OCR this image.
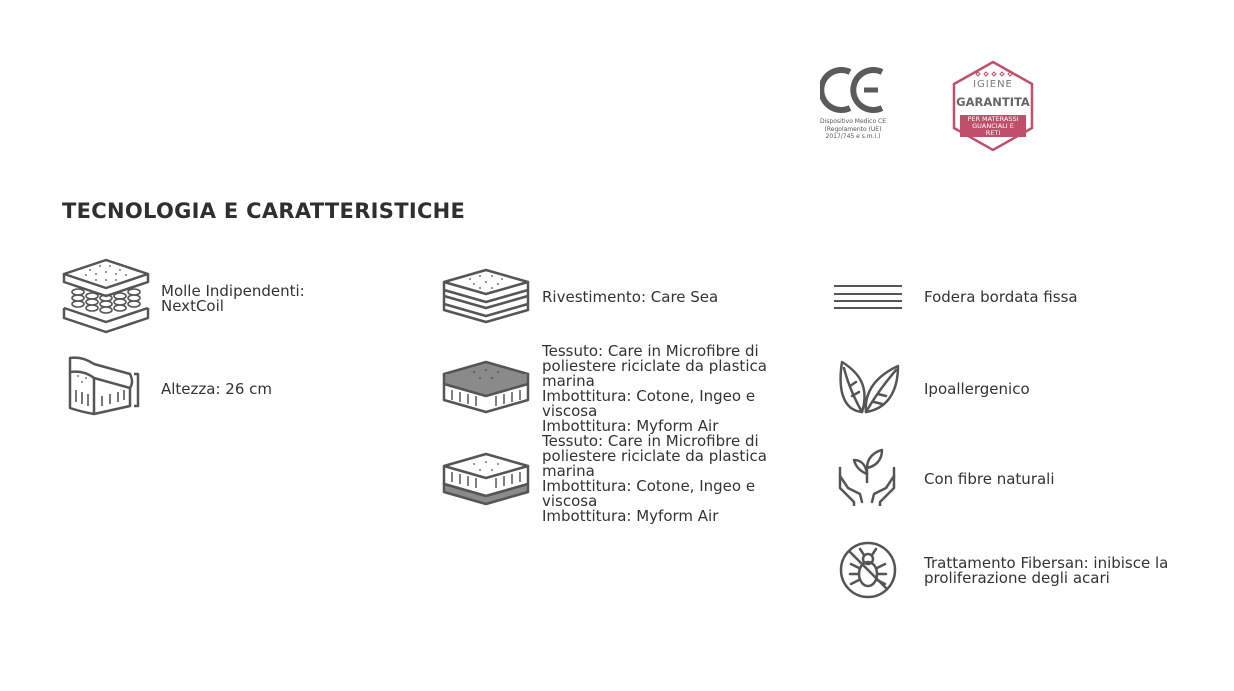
Dispositivo Medico CE
(Regolamento (UE)
2017/745 e s.m.i.)
IGIENE
GARANTITA
PER MATERASSI
GUANCIALI E
RETI
TECNOLOGIA E CARATTERISTICHE
Molle Indipendenti:
NextCoil
Altezza: 26 cm
Rivestimento: Care Sea
Tessuto: Care in Microfibre di
poliestere riciclate da plastica
marina
Imbottitura: Cotone, Ingeo e
viscosa
Imbottitura: Myform Air
Tessuto: Care in Microfibre di
poliestere riciclate da plastica
marina
Imbottitura: Cotone, Ingeo e
viscosa
Imbottitura: Myform Air
Fodera bordata fissa
Ipoallergenico
Con fibre naturali
Trattamento Fibersan: inibisce la
proliferazione degli acari
